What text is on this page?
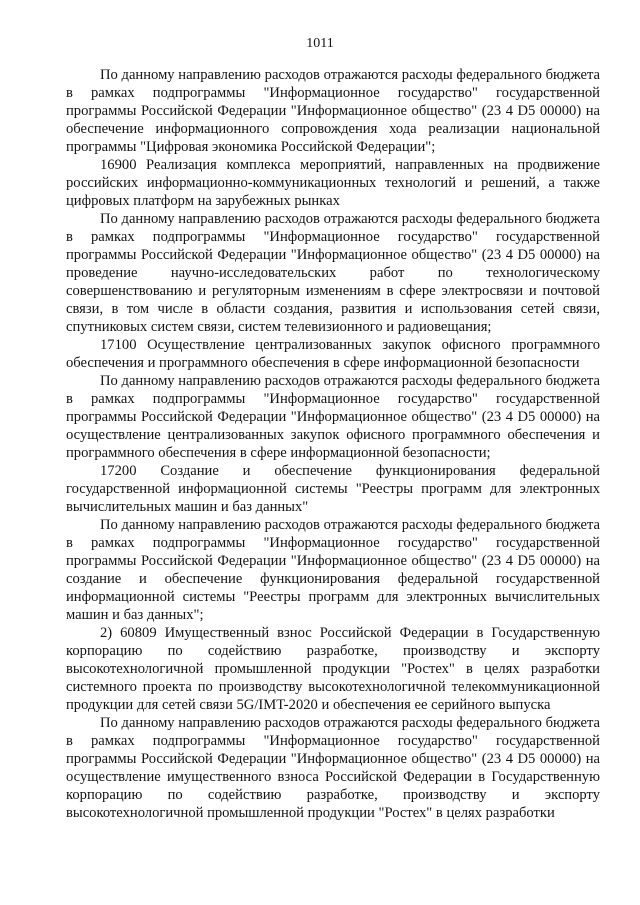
1011

По данному направлению расходов отражаются расходы федерального бюджета в рамках подпрограммы "Информационное государство" государственной программы Российской Федерации "Информационное общество" (23 4 D5 00000) на обеспечение информационного сопровождения хода реализации национальной программы "Цифровая экономика Российской Федерации";

16900 Реализация комплекса мероприятий, направленных на продвижение российских информационно-коммуникационных технологий и решений, а также цифровых платформ на зарубежных рынках

По данному направлению расходов отражаются расходы федерального бюджета в рамках подпрограммы "Информационное государство" государственной программы Российской Федерации "Информационное общество" (23 4 D5 00000) на проведение научно-исследовательских работ по технологическому совершенствованию и регуляторным изменениям в сфере электросвязи и почтовой связи, в том числе в области создания, развития и использования сетей связи, спутниковых систем связи, систем телевизионного и радиовещания;

17100 Осуществление централизованных закупок офисного программного обеспечения и программного обеспечения в сфере информационной безопасности

По данному направлению расходов отражаются расходы федерального бюджета в рамках подпрограммы "Информационное государство" государственной программы Российской Федерации "Информационное общество" (23 4 D5 00000) на осуществление централизованных закупок офисного программного обеспечения и программного обеспечения в сфере информационной безопасности;

17200 Создание и обеспечение функционирования федеральной государственной информационной системы "Реестры программ для электронных вычислительных машин и баз данных"

По данному направлению расходов отражаются расходы федерального бюджета в рамках подпрограммы "Информационное государство" государственной программы Российской Федерации "Информационное общество" (23 4 D5 00000) на создание и обеспечение функционирования федеральной государственной информационной системы "Реестры программ для электронных вычислительных машин и баз данных";

2) 60809 Имущественный взнос Российской Федерации в Государственную корпорацию по содействию разработке, производству и экспорту высокотехнологичной промышленной продукции "Ростех" в целях разработки системного проекта по производству высокотехнологичной телекоммуникационной продукции для сетей связи 5G/IMT-2020 и обеспечения ее серийного выпуска

По данному направлению расходов отражаются расходы федерального бюджета в рамках подпрограммы "Информационное государство" государственной программы Российской Федерации "Информационное общество" (23 4 D5 00000) на осуществление имущественного взноса Российской Федерации в Государственную корпорацию по содействию разработке, производству и экспорту высокотехнологичной промышленной продукции "Ростех" в целях разработки
